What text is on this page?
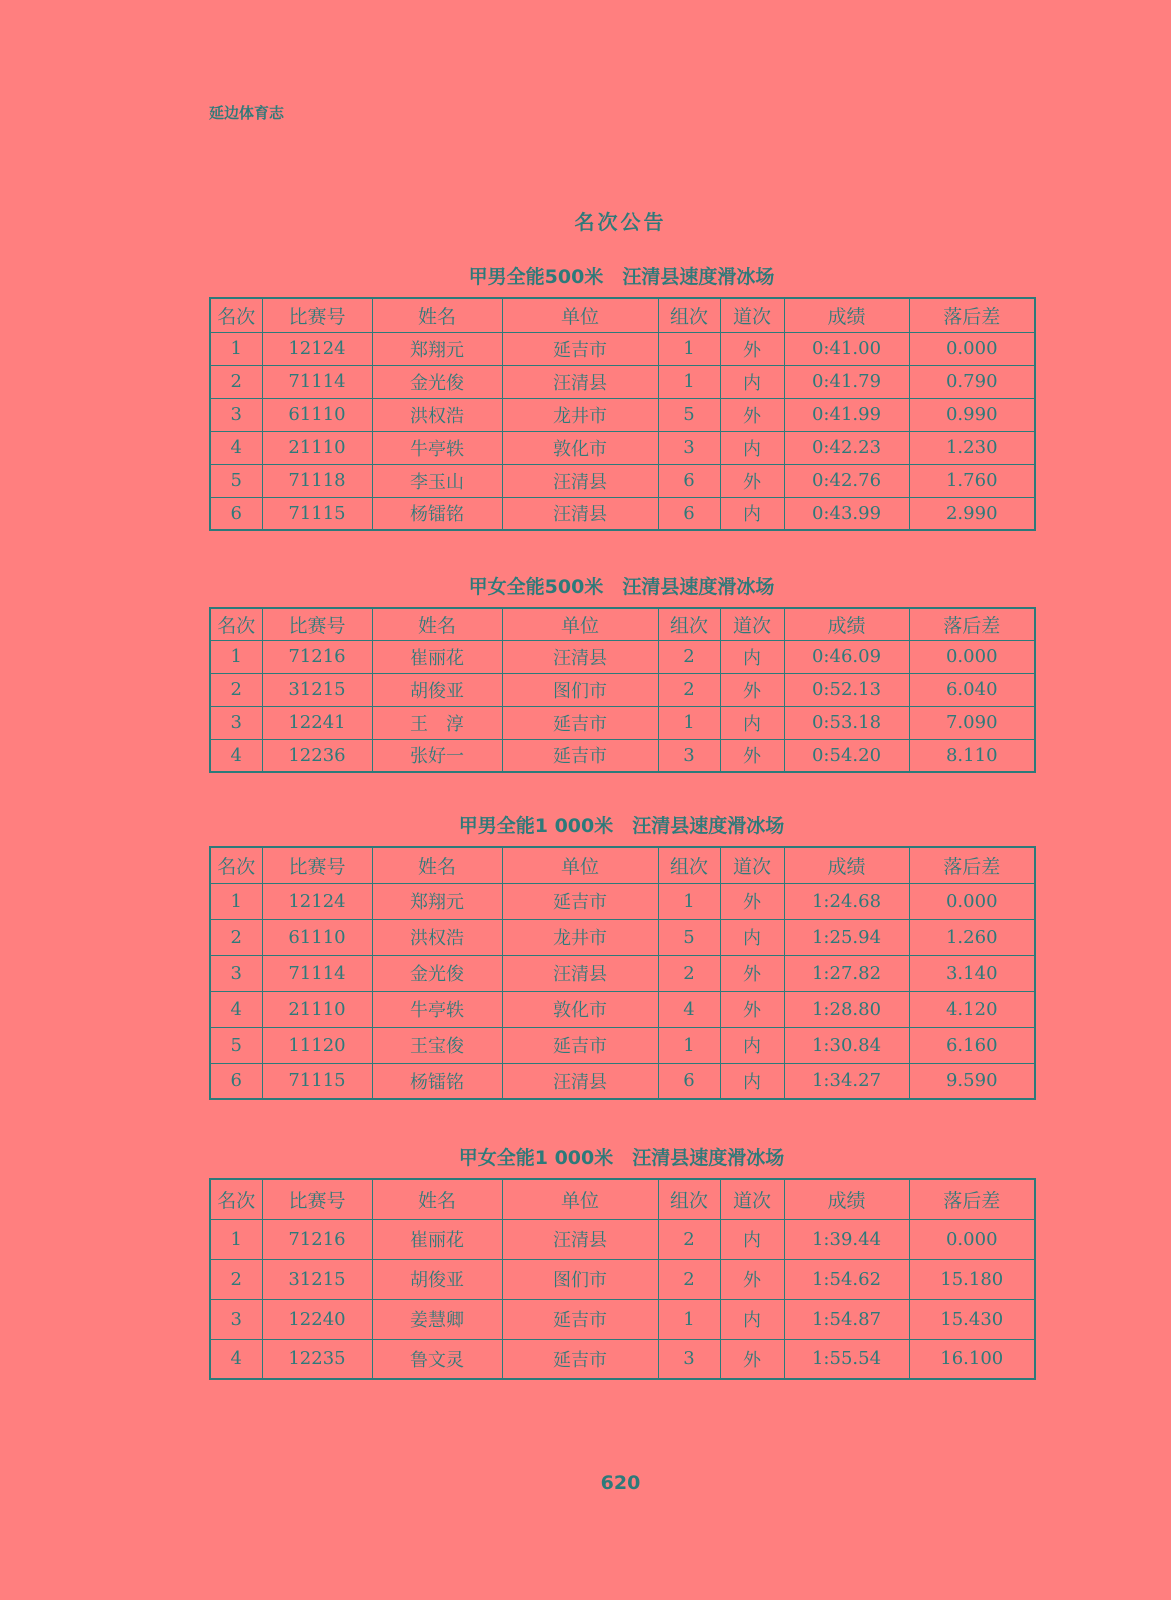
延边体育志
名次公告
甲男全能500米　汪清县速度滑冰场
名次	比赛号	姓名	单位	组次	道次	成绩	落后差
1	12124	郑翔元	延吉市	1	外	0:41.00	0.000
2	71114	金光俊	汪清县	1	内	0:41.79	0.790
3	61110	洪权浩	龙井市	5	外	0:41.99	0.990
4	21110	牛亭轶	敦化市	3	内	0:42.23	1.230
5	71118	李玉山	汪清县	6	外	0:42.76	1.760
6	71115	杨镭铭	汪清县	6	内	0:43.99	2.990
甲女全能500米　汪清县速度滑冰场
名次	比赛号	姓名	单位	组次	道次	成绩	落后差
1	71216	崔丽花	汪清县	2	内	0:46.09	0.000
2	31215	胡俊亚	图们市	2	外	0:52.13	6.040
3	12241	王　淳	延吉市	1	内	0:53.18	7.090
4	12236	张好一	延吉市	3	外	0:54.20	8.110
甲男全能1 000米　汪清县速度滑冰场
名次	比赛号	姓名	单位	组次	道次	成绩	落后差
1	12124	郑翔元	延吉市	1	外	1:24.68	0.000
2	61110	洪权浩	龙井市	5	内	1:25.94	1.260
3	71114	金光俊	汪清县	2	外	1:27.82	3.140
4	21110	牛亭轶	敦化市	4	外	1:28.80	4.120
5	11120	王宝俊	延吉市	1	内	1:30.84	6.160
6	71115	杨镭铭	汪清县	6	内	1:34.27	9.590
甲女全能1 000米　汪清县速度滑冰场
名次	比赛号	姓名	单位	组次	道次	成绩	落后差
1	71216	崔丽花	汪清县	2	内	1:39.44	0.000
2	31215	胡俊亚	图们市	2	外	1:54.62	15.180
3	12240	姜慧卿	延吉市	1	内	1:54.87	15.430
4	12235	鲁文灵	延吉市	3	外	1:55.54	16.100
620
